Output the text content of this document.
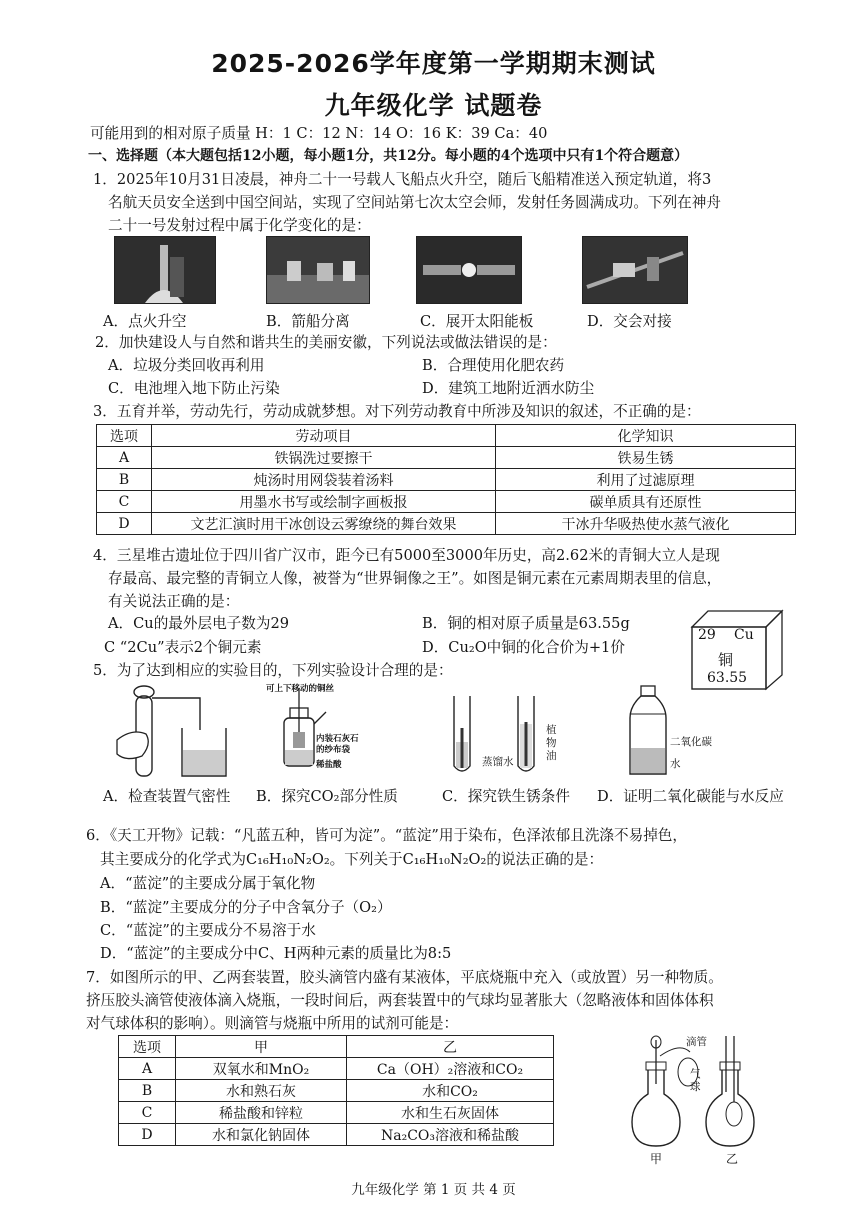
2025-2026学年度第一学期期末测试
九年级化学 试题卷
可能用到的相对原子质量 H：1 C：12 N：14 O：16 K：39 Ca：40
一、选择题（本大题包括12小题，每小题1分，共12分。每小题的4个选项中只有1个符合题意）
1．2025年10月31日凌晨，神舟二十一号载人飞船点火升空，随后飞船精准送入预定轨道，将3
名航天员安全送到中国空间站，实现了空间站第七次太空会师，发射任务圆满成功。下列在神舟
二十一号发射过程中属于化学变化的是：
A．点火升空	B．箭船分离	C．展开太阳能板	D．交会对接
2．加快建设人与自然和谐共生的美丽安徽，下列说法或做法错误的是：
A．垃圾分类回收再利用	B．合理使用化肥农药
C．电池埋入地下防止污染	D．建筑工地附近洒水防尘
3．五育并举，劳动先行，劳动成就梦想。对下列劳动教育中所涉及知识的叙述，不正确的是：
选项	劳动项目	化学知识
A	铁锅洗过要擦干	铁易生锈
B	炖汤时用网袋装着汤料	利用了过滤原理
C	用墨水书写或绘制字画板报	碳单质具有还原性
D	文艺汇演时用干冰创设云雾缭绕的舞台效果	干冰升华吸热使水蒸气液化
4．三星堆古遗址位于四川省广汉市，距今已有5000至3000年历史，高2.62米的青铜大立人是现
存最高、最完整的青铜立人像，被誉为“世界铜像之王”。如图是铜元素在元素周期表里的信息，
有关说法正确的是：
A．Cu的最外层电子数为29	B．铜的相对原子质量是63.55g
C “2Cu”表示2个铜元素	D．Cu₂O中铜的化合价为+1价
29 Cu
铜
63.55
5．为了达到相应的实验目的，下列实验设计合理的是：
可上下移动的铜丝
内装石灰石的纱布袋
稀盐酸	蒸馏水
植物油
二氧化碳
水
A．检查装置气密性 B．探究CO₂部分性质	C．探究铁生锈条件 D．证明二氧化碳能与水反应
6．《天工开物》记载：“凡蓝五种，皆可为淀”。“蓝淀”用于染布，色泽浓郁且洗涤不易掉色，
其主要成分的化学式为C₁₆H₁₀N₂O₂。下列关于C₁₆H₁₀N₂O₂的说法正确的是：
A．“蓝淀”的主要成分属于氧化物
B．“蓝淀”主要成分的分子中含氧分子（O₂）
C．“蓝淀”的主要成分不易溶于水
D．“蓝淀”的主要成分中C、H两种元素的质量比为8:5
7．如图所示的甲、乙两套装置，胶头滴管内盛有某液体，平底烧瓶中充入（或放置）另一种物质。
挤压胶头滴管使液体滴入烧瓶，一段时间后，两套装置中的气球均显著胀大（忽略液体和固体体积
对气球体积的影响）。则滴管与烧瓶中所用的试剂可能是：
选项	甲	乙
A	双氧水和MnO₂	Ca（OH）₂溶液和CO₂
B	水和熟石灰	水和CO₂
C	稀盐酸和锌粒	水和生石灰固体
D	水和氯化钠固体	Na₂CO₃溶液和稀盐酸
滴管
气球
甲	乙
九年级化学 第 1 页 共 4 页
